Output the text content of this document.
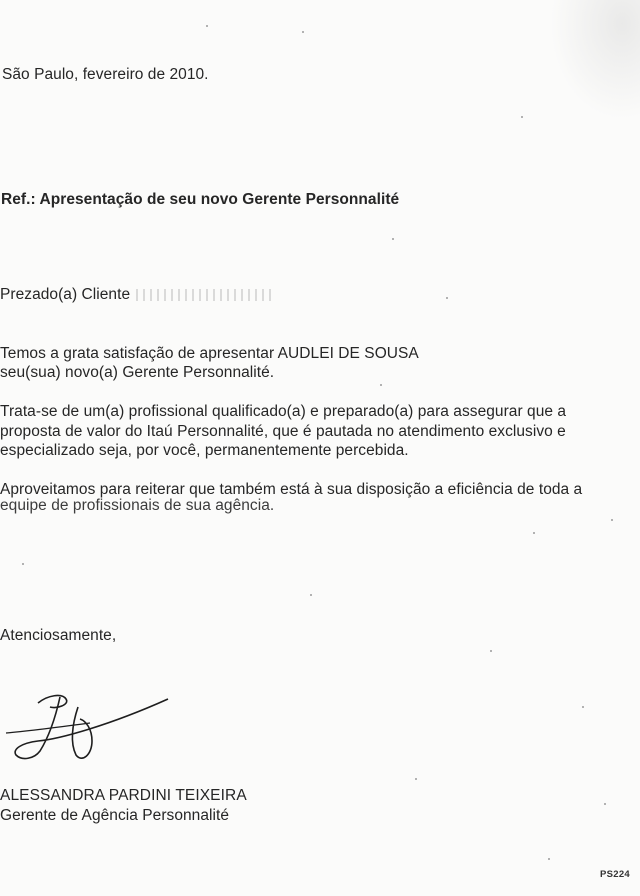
São Paulo, fevereiro de 2010.
Ref.: Apresentação de seu novo Gerente Personnalité
Prezado(a) Cliente
Temos a grata satisfação de apresentar AUDLEI DE SOUSA
seu(sua) novo(a) Gerente Personnalité.
Trata-se de um(a) profissional qualificado(a) e preparado(a) para assegurar que a
proposta de valor do Itaú Personnalité, que é pautada no atendimento exclusivo e
especializado seja, por você, permanentemente percebida.
Aproveitamos para reiterar que também está à sua disposição a eficiência de toda a
equipe de profissionais de sua agência.
Atenciosamente,
ALESSANDRA PARDINI TEIXEIRA
Gerente de Agência Personnalité
PS224
